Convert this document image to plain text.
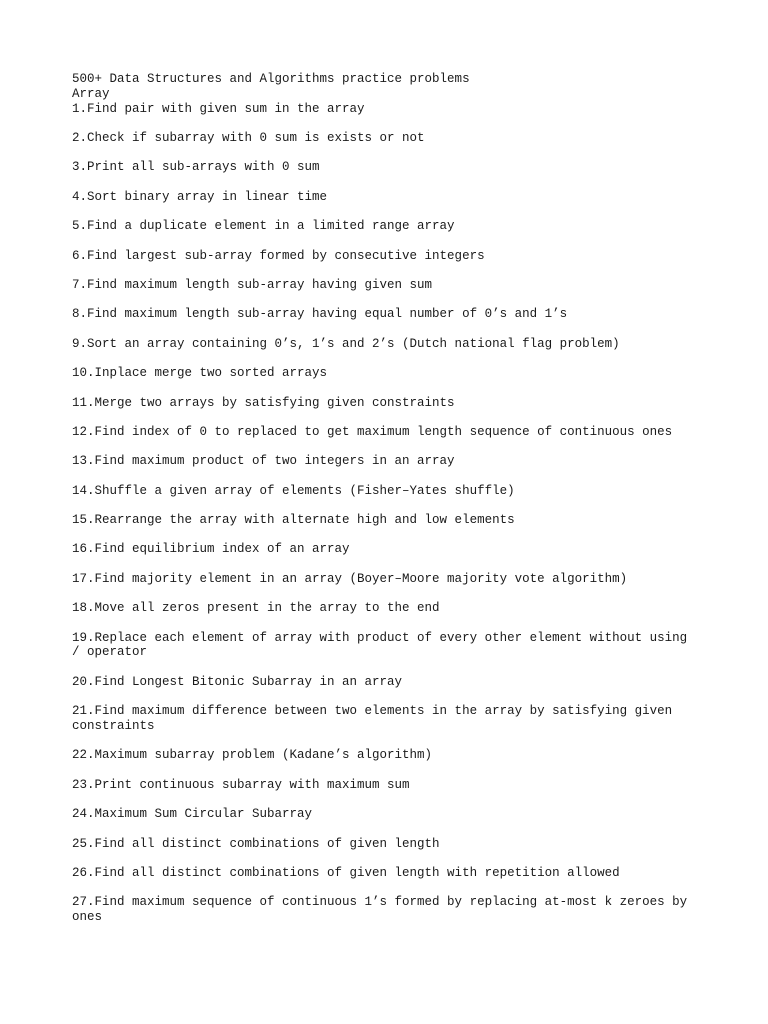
500+ Data Structures and Algorithms practice problems
Array
1.Find pair with given sum in the array
2.Check if subarray with 0 sum is exists or not
3.Print all sub-arrays with 0 sum
4.Sort binary array in linear time
5.Find a duplicate element in a limited range array
6.Find largest sub-array formed by consecutive integers
7.Find maximum length sub-array having given sum
8.Find maximum length sub-array having equal number of 0’s and 1’s
9.Sort an array containing 0’s, 1’s and 2’s (Dutch national flag problem)
10.Inplace merge two sorted arrays
11.Merge two arrays by satisfying given constraints
12.Find index of 0 to replaced to get maximum length sequence of continuous ones
13.Find maximum product of two integers in an array
14.Shuffle a given array of elements (Fisher–Yates shuffle)
15.Rearrange the array with alternate high and low elements
16.Find equilibrium index of an array
17.Find majority element in an array (Boyer–Moore majority vote algorithm)
18.Move all zeros present in the array to the end
19.Replace each element of array with product of every other element without using / operator
20.Find Longest Bitonic Subarray in an array
21.Find maximum difference between two elements in the array by satisfying given constraints
22.Maximum subarray problem (Kadane’s algorithm)
23.Print continuous subarray with maximum sum
24.Maximum Sum Circular Subarray
25.Find all distinct combinations of given length
26.Find all distinct combinations of given length with repetition allowed
27.Find maximum sequence of continuous 1’s formed by replacing at-most k zeroes by ones
